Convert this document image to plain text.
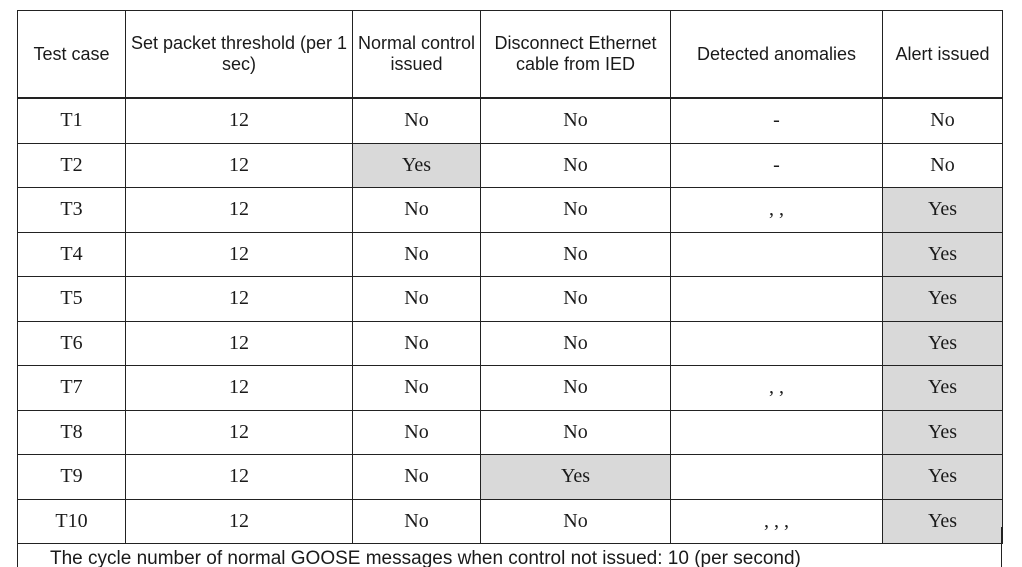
Test case	Set packet threshold (per 1 sec)	Normal control issued	Disconnect Ethernet cable from IED	Detected anomalies	Alert issued
T1	12	No	No	-	No
T2	12	Yes	No	-	No
T3	12	No	No	, ,	Yes
T4	12	No	No		Yes
T5	12	No	No		Yes
T6	12	No	No		Yes
T7	12	No	No	, ,	Yes
T8	12	No	No		Yes
T9	12	No	Yes		Yes
T10	12	No	No	, , ,	Yes
The cycle number of normal GOOSE messages when control not issued: 10 (per second)
